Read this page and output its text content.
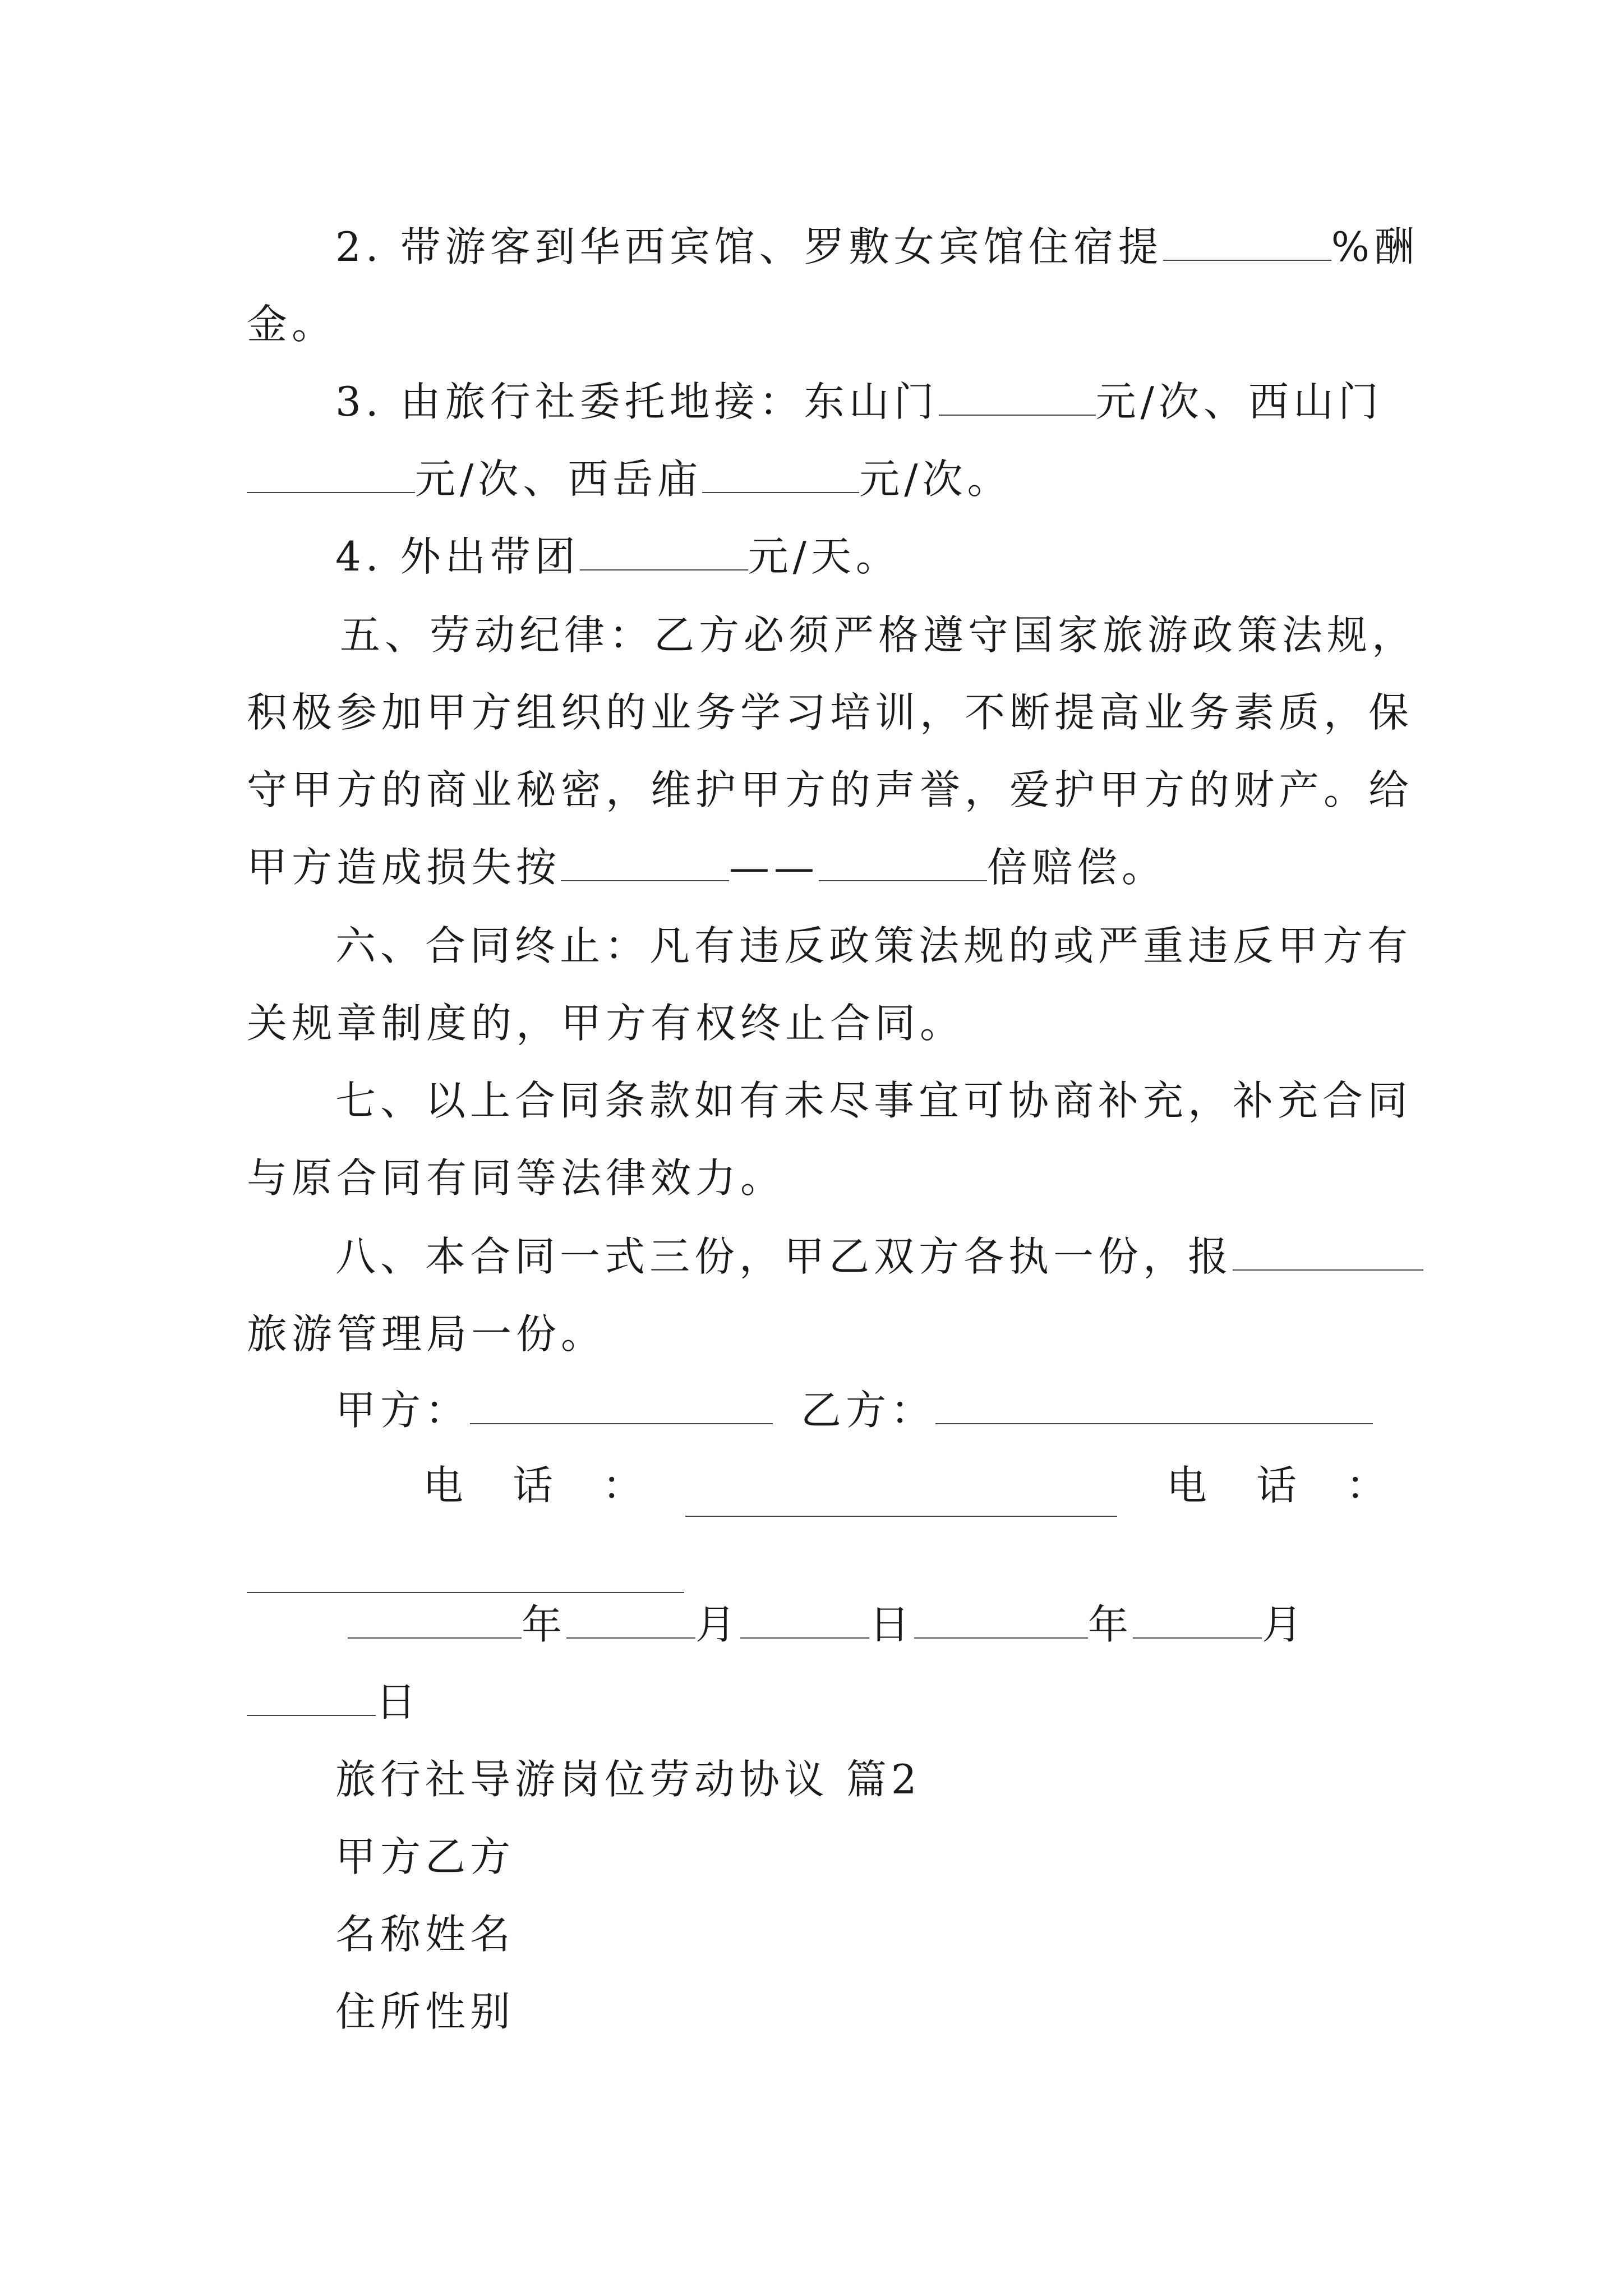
2. 带游客到华西宾馆、罗敷女宾馆住宿提	%酬
金。
3. 由旅行社委托地接：东山门	元/次、西山门
元/次、西岳庙	元/次。
4. 外出带团	元/天。
五、劳动纪律：乙方必须严格遵守国家旅游政策法规，
积极参加甲方组织的业务学习培训，不断提高业务素质，保
守甲方的商业秘密，维护甲方的声誉，爱护甲方的财产。给
甲方造成损失按	——	倍赔偿。
六、合同终止：凡有违反政策法规的或严重违反甲方有
关规章制度的，甲方有权终止合同。
七、以上合同条款如有未尽事宜可协商补充，补充合同
与原合同有同等法律效力。
八、本合同一式三份，甲乙双方各执一份，报
旅游管理局一份。
甲方：	乙方：
电　话　：	电　话　：
年	月	日	年	月
日
旅行社导游岗位劳动协议 篇2
甲方乙方
名称姓名
住所性别
